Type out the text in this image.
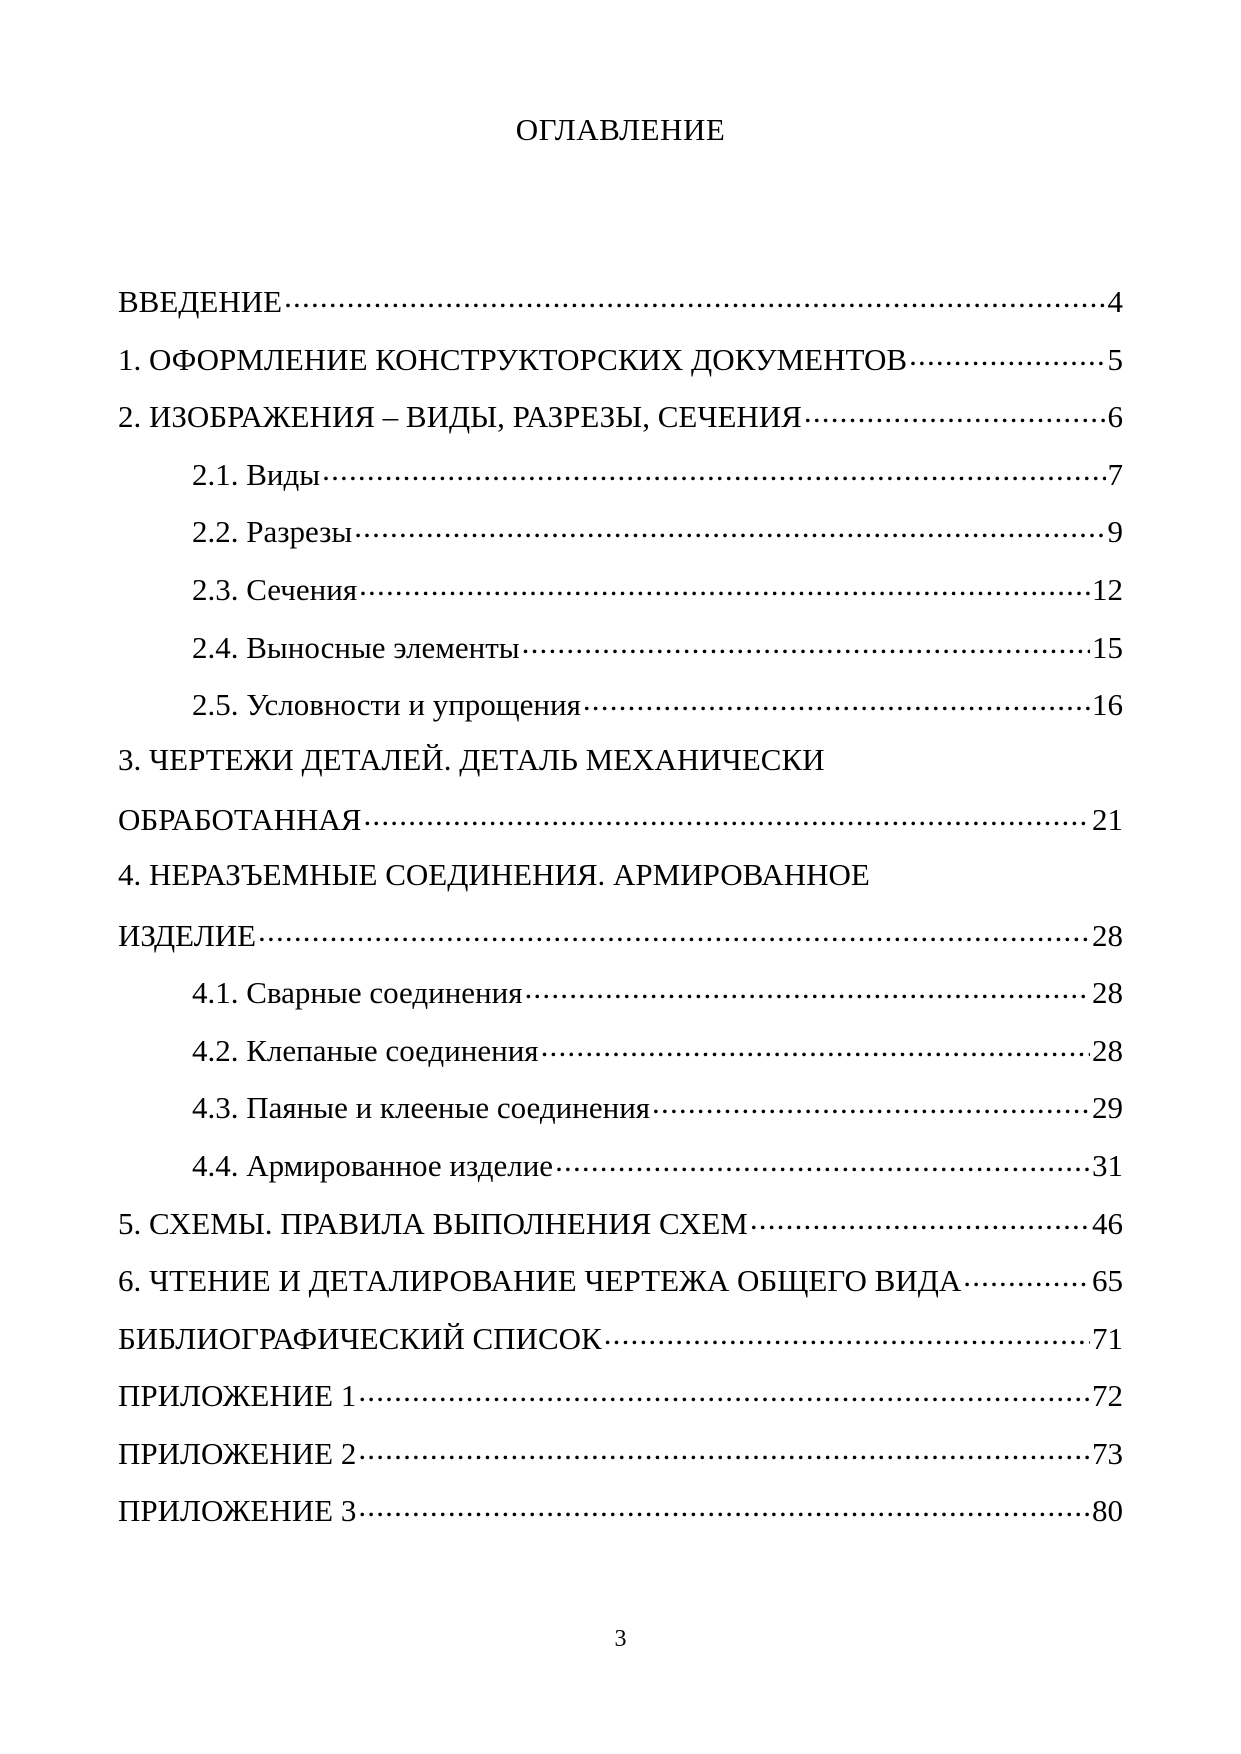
ОГЛАВЛЕНИЕ
ВВЕДЕНИЕ .....	4
1. ОФОРМЛЕНИЕ КОНСТРУКТОРСКИХ ДОКУМЕНТОВ .....	5
2. ИЗОБРАЖЕНИЯ – ВИДЫ, РАЗРЕЗЫ, СЕЧЕНИЯ .....	6
2.1. Виды .....	7
2.2. Разрезы .....	9
2.3. Сечения .....	12
2.4. Выносные элементы .....	15
2.5. Условности и упрощения .....	16
3. ЧЕРТЕЖИ ДЕТАЛЕЙ. ДЕТАЛЬ МЕХАНИЧЕСКИ
ОБРАБОТАННАЯ .....	21
4. НЕРАЗЪЕМНЫЕ СОЕДИНЕНИЯ. АРМИРОВАННОЕ
ИЗДЕЛИЕ .....	28
4.1. Сварные соединения .....	28
4.2. Клепаные соединения .....	28
4.3. Паяные и клееные соединения .....	29
4.4. Армированное изделие .....	31
5. СХЕМЫ. ПРАВИЛА ВЫПОЛНЕНИЯ СХЕМ .....	46
6. ЧТЕНИЕ И ДЕТАЛИРОВАНИЕ ЧЕРТЕЖА ОБЩЕГО ВИДА .....	65
БИБЛИОГРАФИЧЕСКИЙ СПИСОК .....	71
ПРИЛОЖЕНИЕ 1 .....	72
ПРИЛОЖЕНИЕ 2 .....	73
ПРИЛОЖЕНИЕ 3 .....	80
3
